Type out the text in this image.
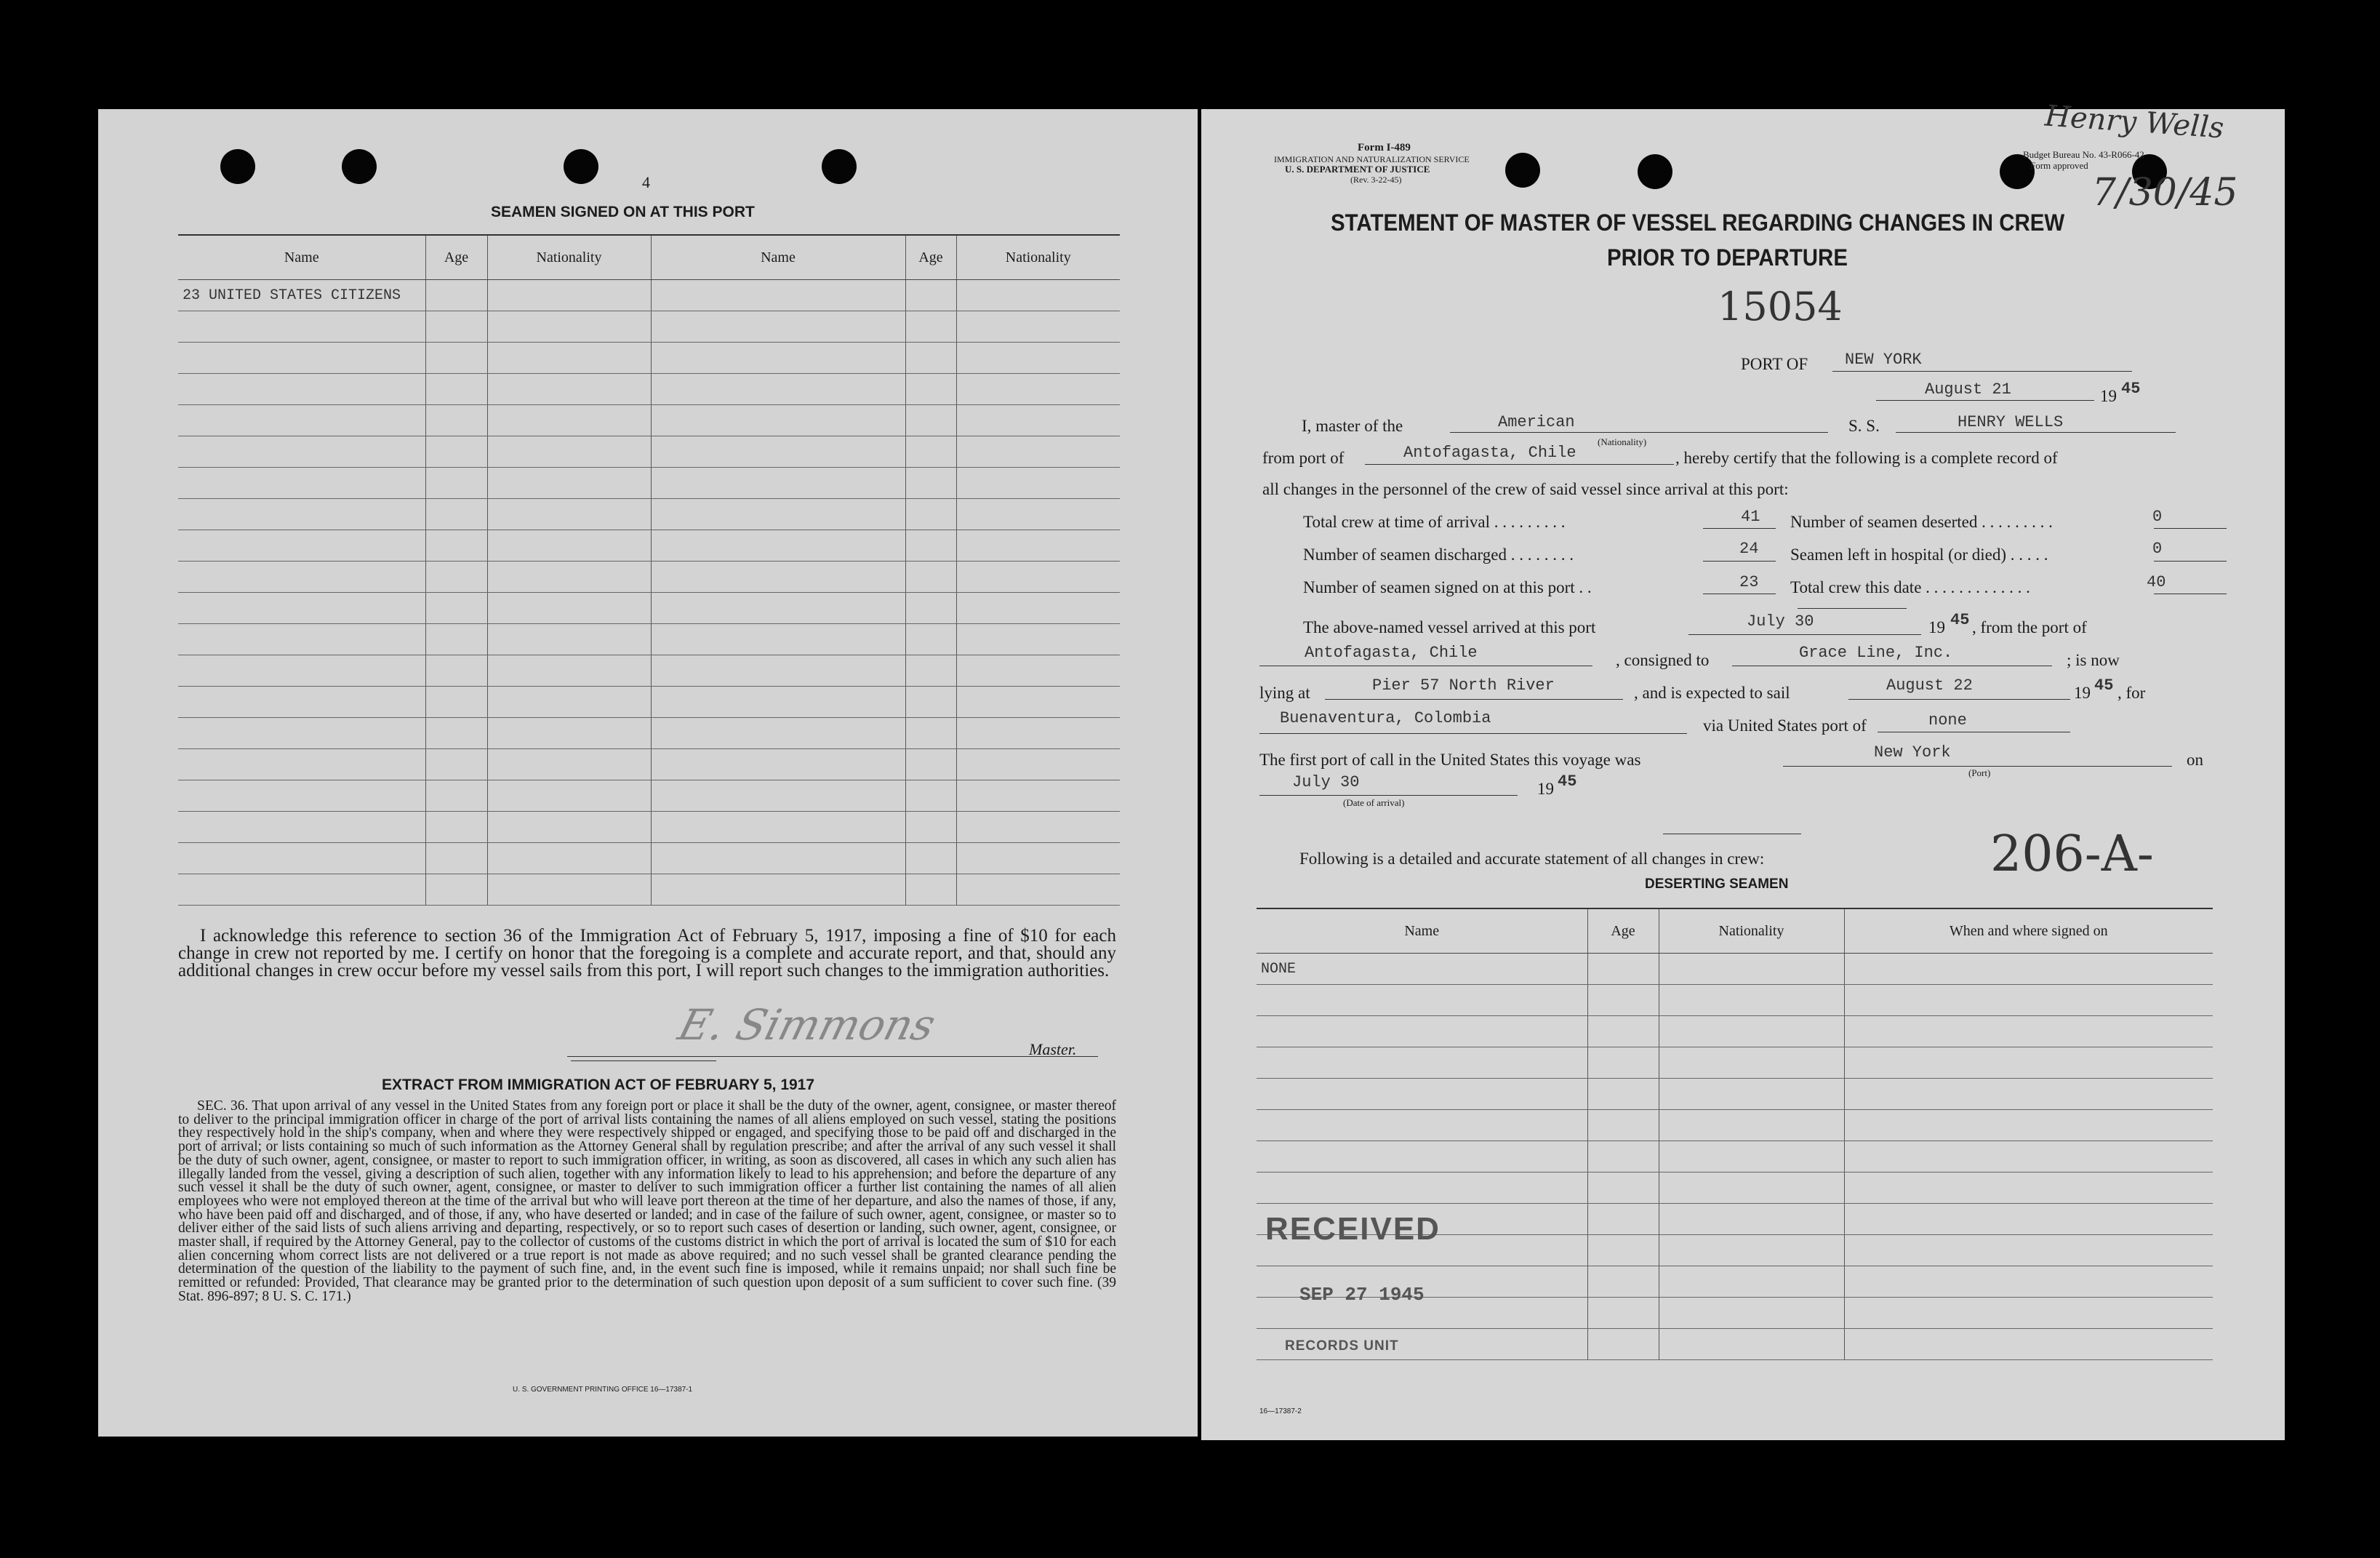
4
SEAMEN SIGNED ON AT THIS PORT
Name	Age	Nationality	Name	Age	Nationality
23 UNITED STATES CITIZENS					

I acknowledge this reference to section 36 of the Immigration Act of February 5, 1917, imposing a fine of $10 for each change in crew not reported by me. I certify on honor that the foregoing is a complete and accurate report, and that, should any additional changes in crew occur before my vessel sails from this port, I will report such changes to the immigration authorities.
E. Simmons	Master.
EXTRACT FROM IMMIGRATION ACT OF FEBRUARY 5, 1917
SEC. 36. That upon arrival of any vessel in the United States from any foreign port or place it shall be the duty of the owner, agent, consignee, or master thereof to deliver to the principal immigration officer in charge of the port of arrival lists containing the names of all aliens employed on such vessel, stating the positions they respectively hold in the ship's company, when and where they were respectively shipped or engaged, and specifying those to be paid off and discharged in the port of arrival; or lists containing so much of such information as the Attorney General shall by regulation prescribe; and after the arrival of any such vessel it shall be the duty of such owner, agent, consignee, or master to report to such immigration officer, in writing, as soon as discovered, all cases in which any such alien has illegally landed from the vessel, giving a description of such alien, together with any information likely to lead to his apprehension; and before the departure of any such vessel it shall be the duty of such owner, agent, consignee, or master to deliver to such immigration officer a further list containing the names of all alien employees who were not employed thereon at the time of the arrival but who will leave port thereon at the time of her departure, and also the names of those, if any, who have been paid off and discharged, and of those, if any, who have deserted or landed; and in case of the failure of such owner, agent, consignee, or master so to deliver either of the said lists of such aliens arriving and departing, respectively, or so to report such cases of desertion or landing, such owner, agent, consignee, or master shall, if required by the Attorney General, pay to the collector of customs of the customs district in which the port of arrival is located the sum of $10 for each alien concerning whom correct lists are not delivered or a true report is not made as above required; and no such vessel shall be granted clearance pending the determination of the question of the liability to the payment of such fine, and, in the event such fine is imposed, while it remains unpaid; nor shall such fine be remitted or refunded: Provided, That clearance may be granted prior to the determination of such question upon deposit of a sum sufficient to cover such fine. (39 Stat. 896-897; 8 U. S. C. 171.)
U. S. GOVERNMENT PRINTING OFFICE 16—17387-1
Form I-489
IMMIGRATION AND NATURALIZATION SERVICE
U. S. DEPARTMENT OF JUSTICE
(Rev. 3-22-45)
Budget Bureau No. 43-R066-42
Form approved
Henry Wells
7/30/45
STATEMENT OF MASTER OF VESSEL REGARDING CHANGES IN CREW
PRIOR TO DEPARTURE
15054
PORT OF NEW YORK
August 21	19 45
I, master of the	American
(Nationality)
S. S.	HENRY WELLS
from port of	Antofagasta, Chile	, hereby certify that the following is a complete record of
all changes in the personnel of the crew of said vessel since arrival at this port:
Total crew at time of arrival . . . . . . . . .	41 Number of seamen deserted . . . . . . . . .	0
Number of seamen discharged . . . . . . . .	24 Seamen left in hospital (or died) . . . . .	0
Number of seamen signed on at this port . .	23 Total crew this date . . . . . . . . . . . . .	40
The above-named vessel arrived at this port	July 30	19 45 , from the port of
Antofagasta, Chile	, consigned to	Grace Line, Inc.	; is now
lying at	Pier 57 North River	, and is expected to sail	August 22	19 45 , for
Buenaventura, Colombia	via United States port of	none
The first port of call in the United States this voyage was	New York
(Port)
on
July 30
(Date of arrival)
19 45
Following is a detailed and accurate statement of all changes in crew:	206-A-
DESERTING SEAMEN
Name	Age	Nationality	When and where signed on
NONE			

RECEIVED
SEP 27 1945
RECORDS UNIT
16—17387-2
